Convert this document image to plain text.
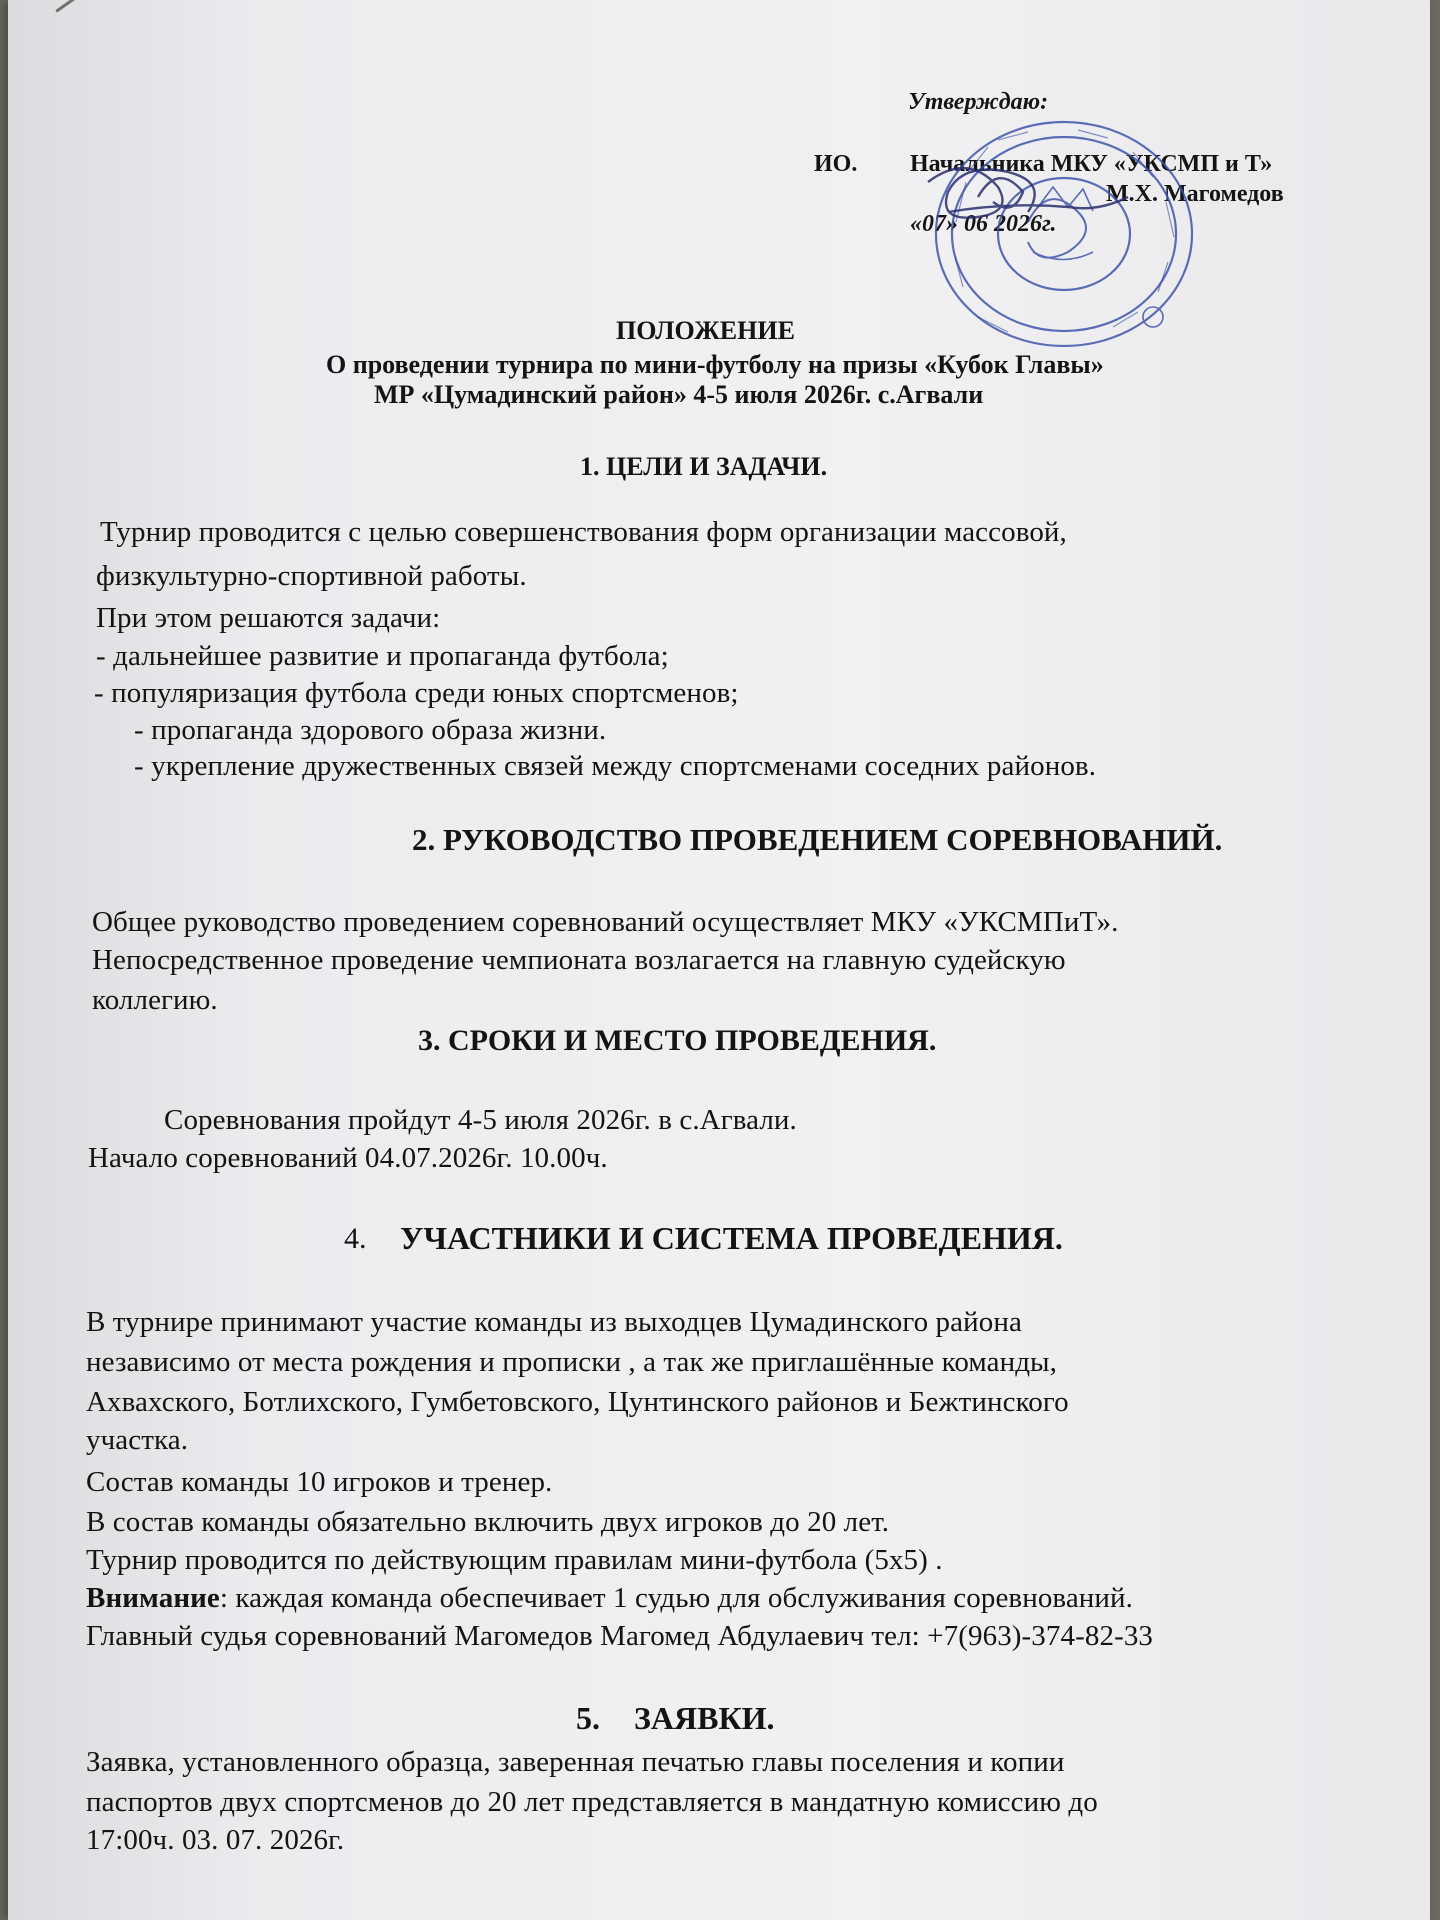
Утверждаю:
ИО. Начальника МКУ «УКСМП и Т»
М.Х. Магомедов
«07» 06 2026г.
ПОЛОЖЕНИЕ
О проведении турнира по мини-футболу на призы «Кубок Главы»
МР «Цумадинский район» 4-5 июля 2026г. с.Агвали
1. ЦЕЛИ И ЗАДАЧИ.
Турнир проводится с целью совершенствования форм организации массовой,
физкультурно-спортивной работы.
При этом решаются задачи:
- дальнейшее развитие и пропаганда футбола;
- популяризация футбола среди юных спортсменов;
- пропаганда здорового образа жизни.
- укрепление дружественных связей между спортсменами соседних районов.
2. РУКОВОДСТВО ПРОВЕДЕНИЕМ СОРЕВНОВАНИЙ.
Общее руководство проведением соревнований осуществляет МКУ «УКСМПиТ».
Непосредственное проведение чемпионата возлагается на главную судейскую
коллегию.
3. СРОКИ И МЕСТО ПРОВЕДЕНИЯ.
Соревнования пройдут 4-5 июля 2026г. в с.Агвали.
Начало соревнований 04.07.2026г. 10.00ч.
4. УЧАСТНИКИ И СИСТЕМА ПРОВЕДЕНИЯ.
В турнире принимают участие команды из выходцев Цумадинского района
независимо от места рождения и прописки , а так же приглашённые команды,
Ахвахского, Ботлихского, Гумбетовского, Цунтинского районов и Бежтинского
участка.
Состав команды 10 игроков и тренер.
В состав команды обязательно включить двух игроков до 20 лет.
Турнир проводится по действующим правилам мини-футбола (5х5) .
Внимание: каждая команда обеспечивает 1 судью для обслуживания соревнований.
Главный судья соревнований Магомедов Магомед Абдулаевич тел: +7(963)-374-82-33
5. ЗАЯВКИ.
Заявка, установленного образца, заверенная печатью главы поселения и копии
паспортов двух спортсменов до 20 лет представляется в мандатную комиссию до
17:00ч. 03. 07. 2026г.
